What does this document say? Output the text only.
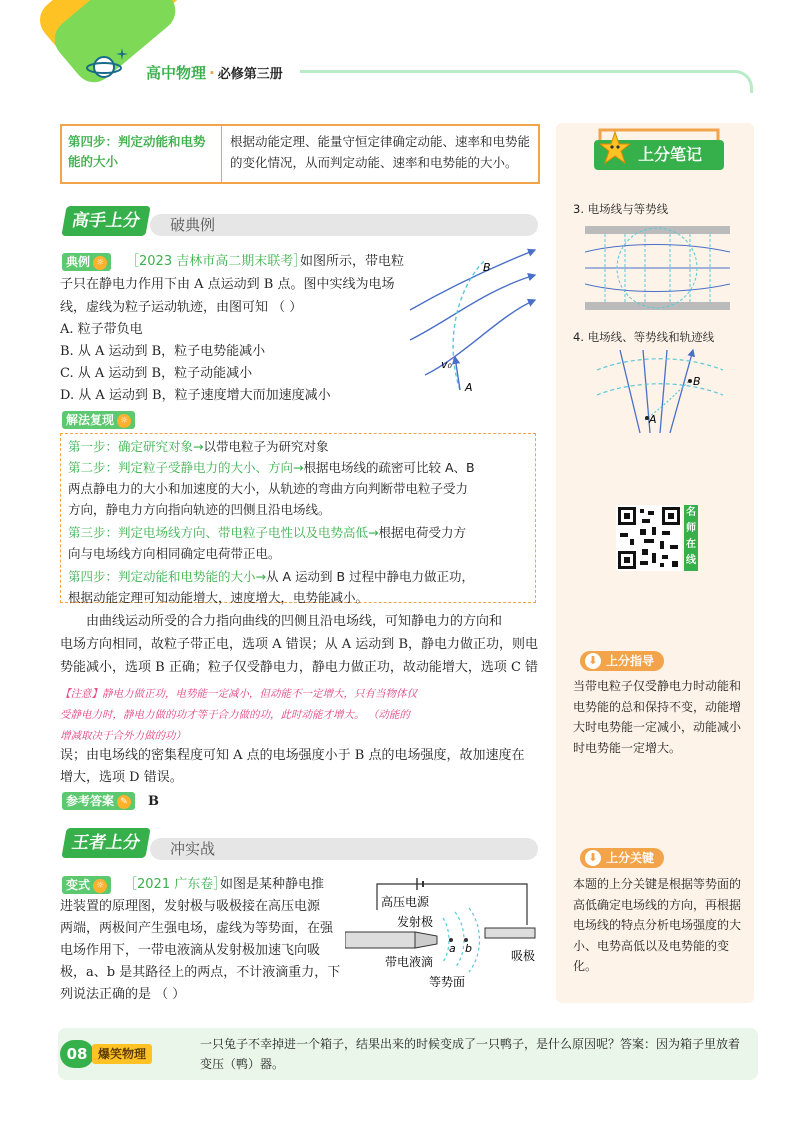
高中物理 · 必修第三册
第四步：判定动能和电势能的大小
根据动能定理、能量守恒定律确定动能、速率和电势能
的变化情况，从而判定动能、速率和电势能的大小。
高手上分	破典例
典例 ☼	［2023 吉林市高二期末联考］
如图所示，带电粒
子只在静电力作用下由 A 点运动到 B 点。图中实线为电场
线，虚线为粒子运动轨迹，由图可知 （ ）
A. 粒子带负电
B. 从 A 运动到 B，粒子电势能减小
C. 从 A 运动到 B，粒子动能减小
D. 从 A 运动到 B，粒子速度增大而加速度减小
B
A
v₀
解法复现 ☼
第一步：确定研究对象→以带电粒子为研究对象
第二步：判定粒子受静电力的大小、方向→根据电场线的疏密可比较 A、B
两点静电力的大小和加速度的大小，从轨迹的弯曲方向判断带电粒子受力
方向，静电力方向指向轨迹的凹侧且沿电场线。
第三步：判定电场线方向、带电粒子电性以及电势高低→根据电荷受力方
向与电场线方向相同确定电荷带正电。
第四步：判定动能和电势能的大小→从 A 运动到 B 过程中静电力做正功，
根据动能定理可知动能增大，速度增大，电势能减小。
由曲线运动所受的合力指向曲线的凹侧且沿电场线，可知静电力的方向和
电场方向相同，故粒子带正电，选项 A 错误；从 A 运动到 B，静电力做正功，则电
势能减小，选项 B 正确；粒子仅受静电力，静电力做正功，故动能增大，选项 C 错
【注意】静电力做正功，电势能一定减小，但动能不一定增大，只有当物体仅
受静电力时，静电力做的功才等于合力做的功，此时动能才增大。 （动能的
增减取决于合外力做的功）
误；由电场线的密集程度可知 A 点的电场强度小于 B 点的电场强度，故加速度在
增大，选项 D 错误。
参考答案 ✎	B
王者上分	冲实战
变式 ☼	［2021 广东卷］
如图是某种静电推
进装置的原理图，发射极与吸极接在高压电源
两端，两极间产生强电场，虚线为等势面，在强
电场作用下，一带电液滴从发射极加速飞向吸
极，a、b 是其路径上的两点，不计液滴重力，下
列说法正确的是 （ ）
高压电源
发射极
a b
吸极
带电液滴
等势面
上分笔记
3. 电场线与等势线
4. 电场线、等势线和轨迹线
B
A
名师在线
⬇ 上分指导
当带电粒子仅受静电力时动能和电势能的总和保持不变，动能增大时电势能一定减小，动能减小时电势能一定增大。
⬇ 上分关键
本题的上分关键是根据等势面的高低确定电场线的方向，再根据电场线的特点分析电场强度的大小、电势高低以及电势能的变化。
08 爆笑物理
一只兔子不幸掉进一个箱子，结果出来的时候变成了一只鸭子，是什么原因呢？答案：因为箱子里放着变压（鸭）器。
